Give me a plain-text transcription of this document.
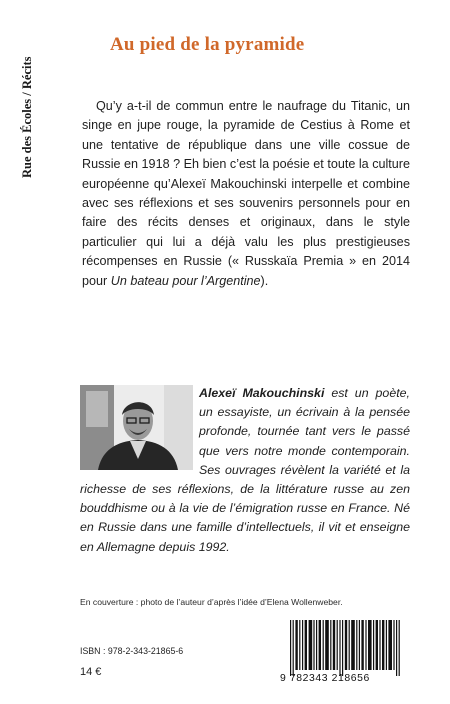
Rue des Écoles / Récits
Au pied de la pyramide

Qu’y a-t-il de commun entre le naufrage du Titanic, un singe en jupe rouge, la pyramide de Cestius à Rome et une tentative de république dans une ville cossue de Russie en 1918 ? Eh bien c’est la poésie et toute la culture européenne qu’Alexeï Makouchinski interpelle et combine avec ses réflexions et ses souvenirs personnels pour en faire des récits denses et originaux, dans le style particulier qui lui a déjà valu les plus prestigieuses récompenses en Russie (« Russkaïa Premia » en 2014 pour Un bateau pour l’Argentine).

Alexeï Makouchinski est un poète, un essayiste, un écrivain à la pensée profonde, tournée tant vers le passé que vers notre monde contemporain. Ses ouvrages révèlent la variété et la richesse de ses réflexions, de la littérature russe au zen bouddhisme ou à la vie de l’émigration russe en France. Né en Russie dans une famille d’intellectuels, il vit et enseigne en Allemagne depuis 1992.

En couverture : photo de l’auteur d’après l’idée d’Elena Wollenweber.
ISBN : 978-2-343-21865-6
14 €
9 782343 218656
